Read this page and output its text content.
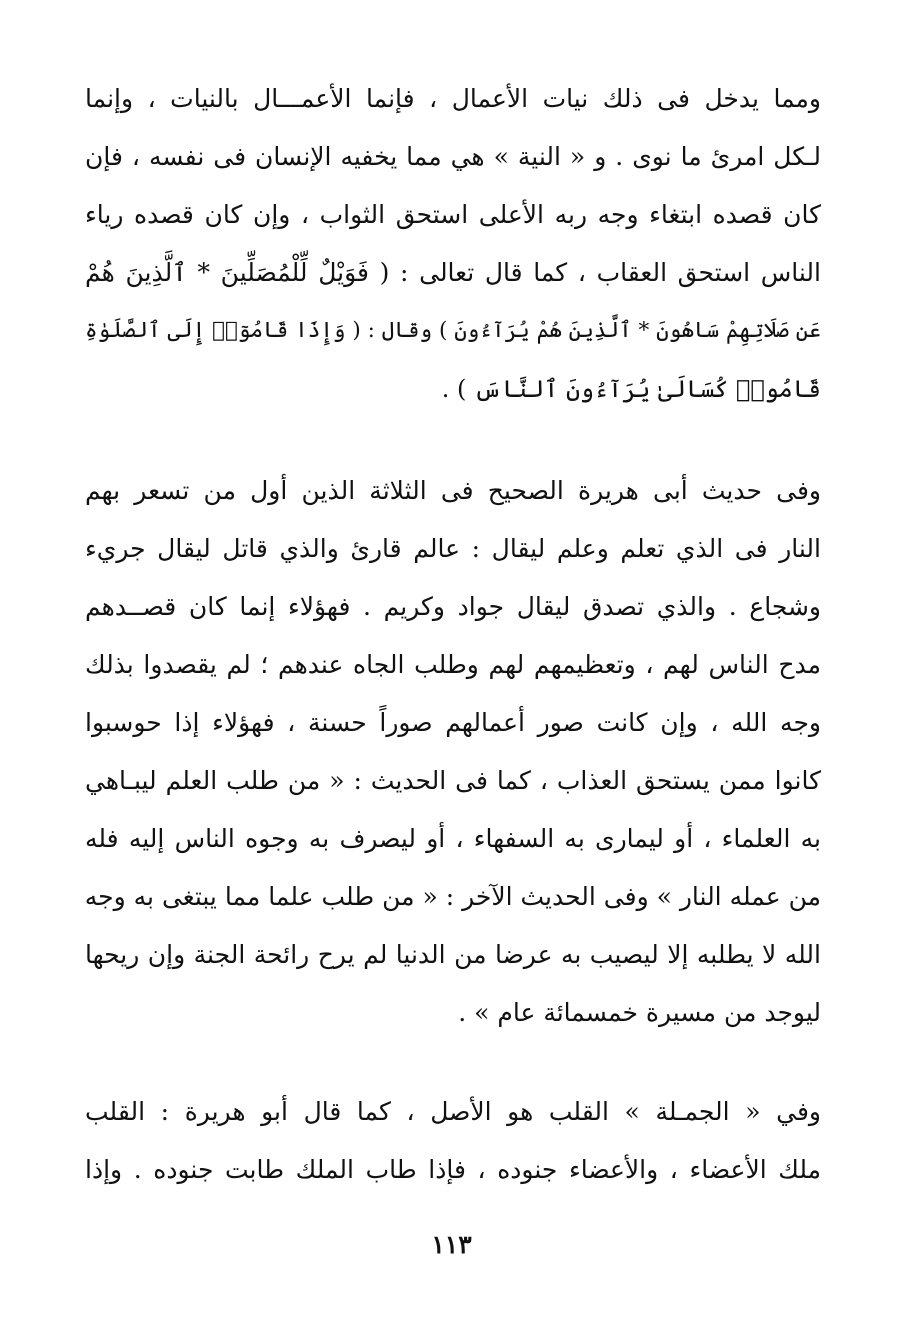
ومما يدخل فى ذلك نيات الأعمال ، فإنما الأعمـــال بالنيات ، وإنما
لـكل امرئ ما نوى . و « النية » هي مما يخفيه الإنسان فى نفسه ، فإن
كان قصده ابتغاء وجه ربه الأعلى استحق الثواب ، وإن كان قصده رياء
الناس استحق العقاب ، كما قال تعالى : ( فَوَيْلٌ لِّلْمُصَلِّينَ * ٱلَّذِينَ هُمْ
عَن صَلَاتِهِمْ سَاهُونَ * ٱلَّذِينَ هُمْ يُرَآءُونَ ) وقال : ( وَإِذَا قَامُوٓا۟ إِلَى ٱلصَّلَوٰةِ
قَامُوا۟ كُسَالَىٰ يُرَآءُونَ ٱلنَّاسَ ) .
وفى حديث أبى هريرة الصحيح فى الثلاثة الذين أول من تسعر بهم
النار فى الذي تعلم وعلم ليقال : عالم قارئ والذي قاتل ليقال جريء
وشجاع . والذي تصدق ليقال جواد وكريم . فهؤلاء إنما كان قصــدهم
مدح الناس لهم ، وتعظيمهم لهم وطلب الجاه عندهم ؛ لم يقصدوا بذلك
وجه الله ، وإن كانت صور أعمالهم صوراً حسنة ، فهؤلاء إذا حوسبوا
كانوا ممن يستحق العذاب ، كما فى الحديث : « من طلب العلم ليبـاهي
به العلماء ، أو ليمارى به السفهاء ، أو ليصرف به وجوه الناس إليه فله
من عمله النار » وفى الحديث الآخر : « من طلب علما مما يبتغى به وجه
الله لا يطلبه إلا ليصيب به عرضا من الدنيا لم يرح رائحة الجنة وإن ريحها
ليوجد من مسيرة خمسمائة عام » .
وفي « الجمـلة » القلب هو الأصل ، كما قال أبو هريرة : القلب
ملك الأعضاء ، والأعضاء جنوده ، فإذا طاب الملك طابت جنوده . وإذا
١١٣
